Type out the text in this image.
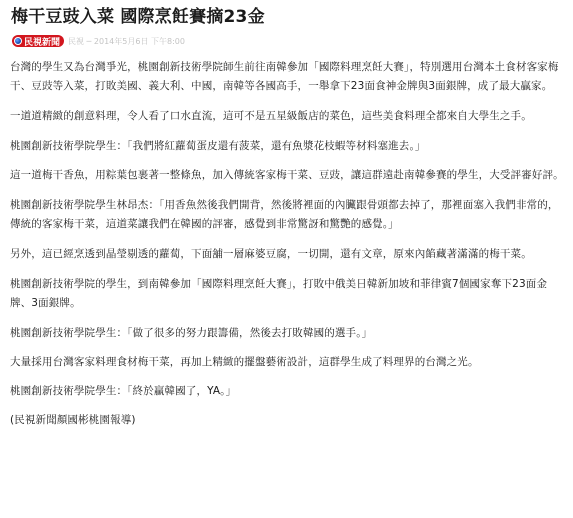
梅干豆豉入菜 國際烹飪賽摘23金
民視新聞 民視 ─ 2014年5月6日 下午8:00

台灣的學生又為台灣爭光，桃園創新技術學院師生前往南韓參加「國際料理烹飪大賽」，特別選用台灣本土食材客家梅干、豆豉等入菜，打敗美國、義大利、中國，南韓等各國高手，一舉拿下23面食神金牌與3面銀牌，成了最大贏家。

一道道精緻的創意料理，令人看了口水直流，這可不是五星級飯店的菜色，這些美食料理全都來自大學生之手。

桃園創新技術學院學生：「我們將紅蘿蔔蛋皮還有菠菜，還有魚漿花枝蝦等材料塞進去。」

這一道梅干香魚，用粽葉包裹著一整條魚，加入傳統客家梅干菜、豆豉，讓這群遠赴南韓參賽的學生，大受評審好評。

桃園創新技術學院學生林昂杰：「用香魚然後我們開背，然後將裡面的內臟跟骨頭都去掉了，那裡面塞入我們非常的，傳統的客家梅干菜，這道菜讓我們在韓國的評審，感覺到非常驚訝和驚艷的感覺。」

另外，這已經烹透到晶瑩剔透的蘿蔔，下面舖一層麻婆豆腐，一切開，還有文章，原來內餡藏著滿滿的梅干菜。

桃園創新技術學院的學生，到南韓參加「國際料理烹飪大賽」，打敗中俄美日韓新加坡和菲律賓7個國家奪下23面金牌、3面銀牌。

桃園創新技術學院學生：「做了很多的努力跟籌備，然後去打敗韓國的選手。」

大量採用台灣客家料理食材梅干菜，再加上精緻的擺盤藝術設計，這群學生成了料理界的台灣之光。

桃園創新技術學院學生：「終於贏韓國了，YA。」

(民視新聞顏國彬桃園報導)
